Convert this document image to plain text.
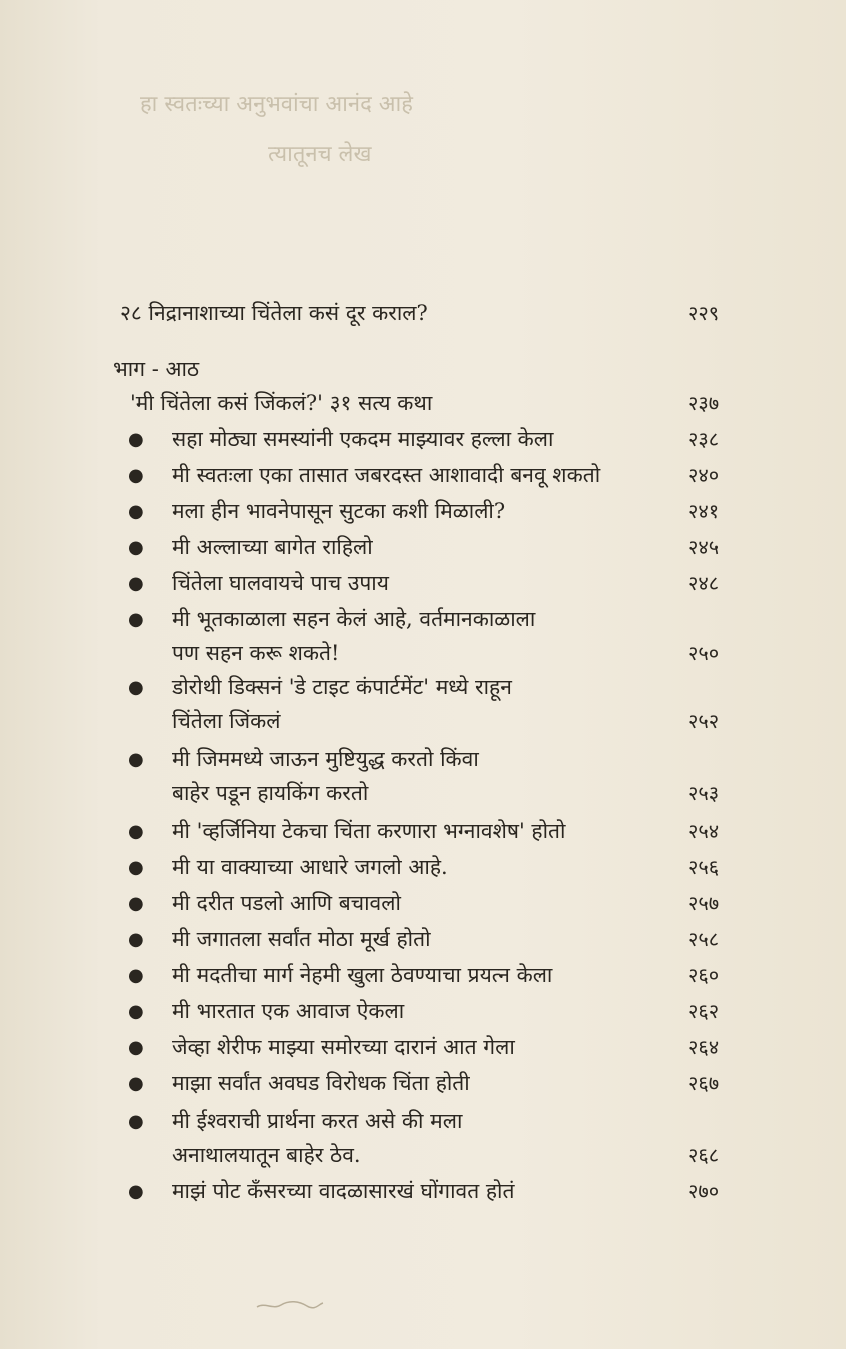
हा स्वतःच्या अनुभवांचा आनंद आहे
त्यातूनच लेख
२८ निद्रानाशाच्या चिंतेला कसं दूर कराल?	२२९
भाग - आठ
'मी चिंतेला कसं जिंकलं?' ३१ सत्य कथा	२३७
● सहा मोठ्या समस्यांनी एकदम माझ्यावर हल्ला केला	२३८
● मी स्वतःला एका तासात जबरदस्त आशावादी बनवू शकतो	२४०
● मला हीन भावनेपासून सुटका कशी मिळाली?	२४१
● मी अल्लाच्या बागेत राहिलो	२४५
● चिंतेला घालवायचे पाच उपाय	२४८
● मी भूतकाळाला सहन केलं आहे, वर्तमानकाळाला
पण सहन करू शकते!	२५०
● डोरोथी डिक्सनं 'डे टाइट कंपार्टमेंट' मध्ये राहून
चिंतेला जिंकलं	२५२
● मी जिममध्ये जाऊन मुष्टियुद्ध करतो किंवा
बाहेर पडून हायकिंग करतो	२५३
● मी 'व्हर्जिनिया टेकचा चिंता करणारा भग्नावशेष' होतो	२५४
● मी या वाक्याच्या आधारे जगलो आहे.	२५६
● मी दरीत पडलो आणि बचावलो	२५७
● मी जगातला सर्वांत मोठा मूर्ख होतो	२५८
● मी मदतीचा मार्ग नेहमी खुला ठेवण्याचा प्रयत्न केला	२६०
● मी भारतात एक आवाज ऐकला	२६२
● जेव्हा शेरीफ माझ्या समोरच्या दारानं आत गेला	२६४
● माझा सर्वांत अवघड विरोधक चिंता होती	२६७
● मी ईश्वराची प्रार्थना करत असे की मला
अनाथालयातून बाहेर ठेव.	२६८
● माझं पोट कॅंसरच्या वादळासारखं घोंगावत होतं	२७०
